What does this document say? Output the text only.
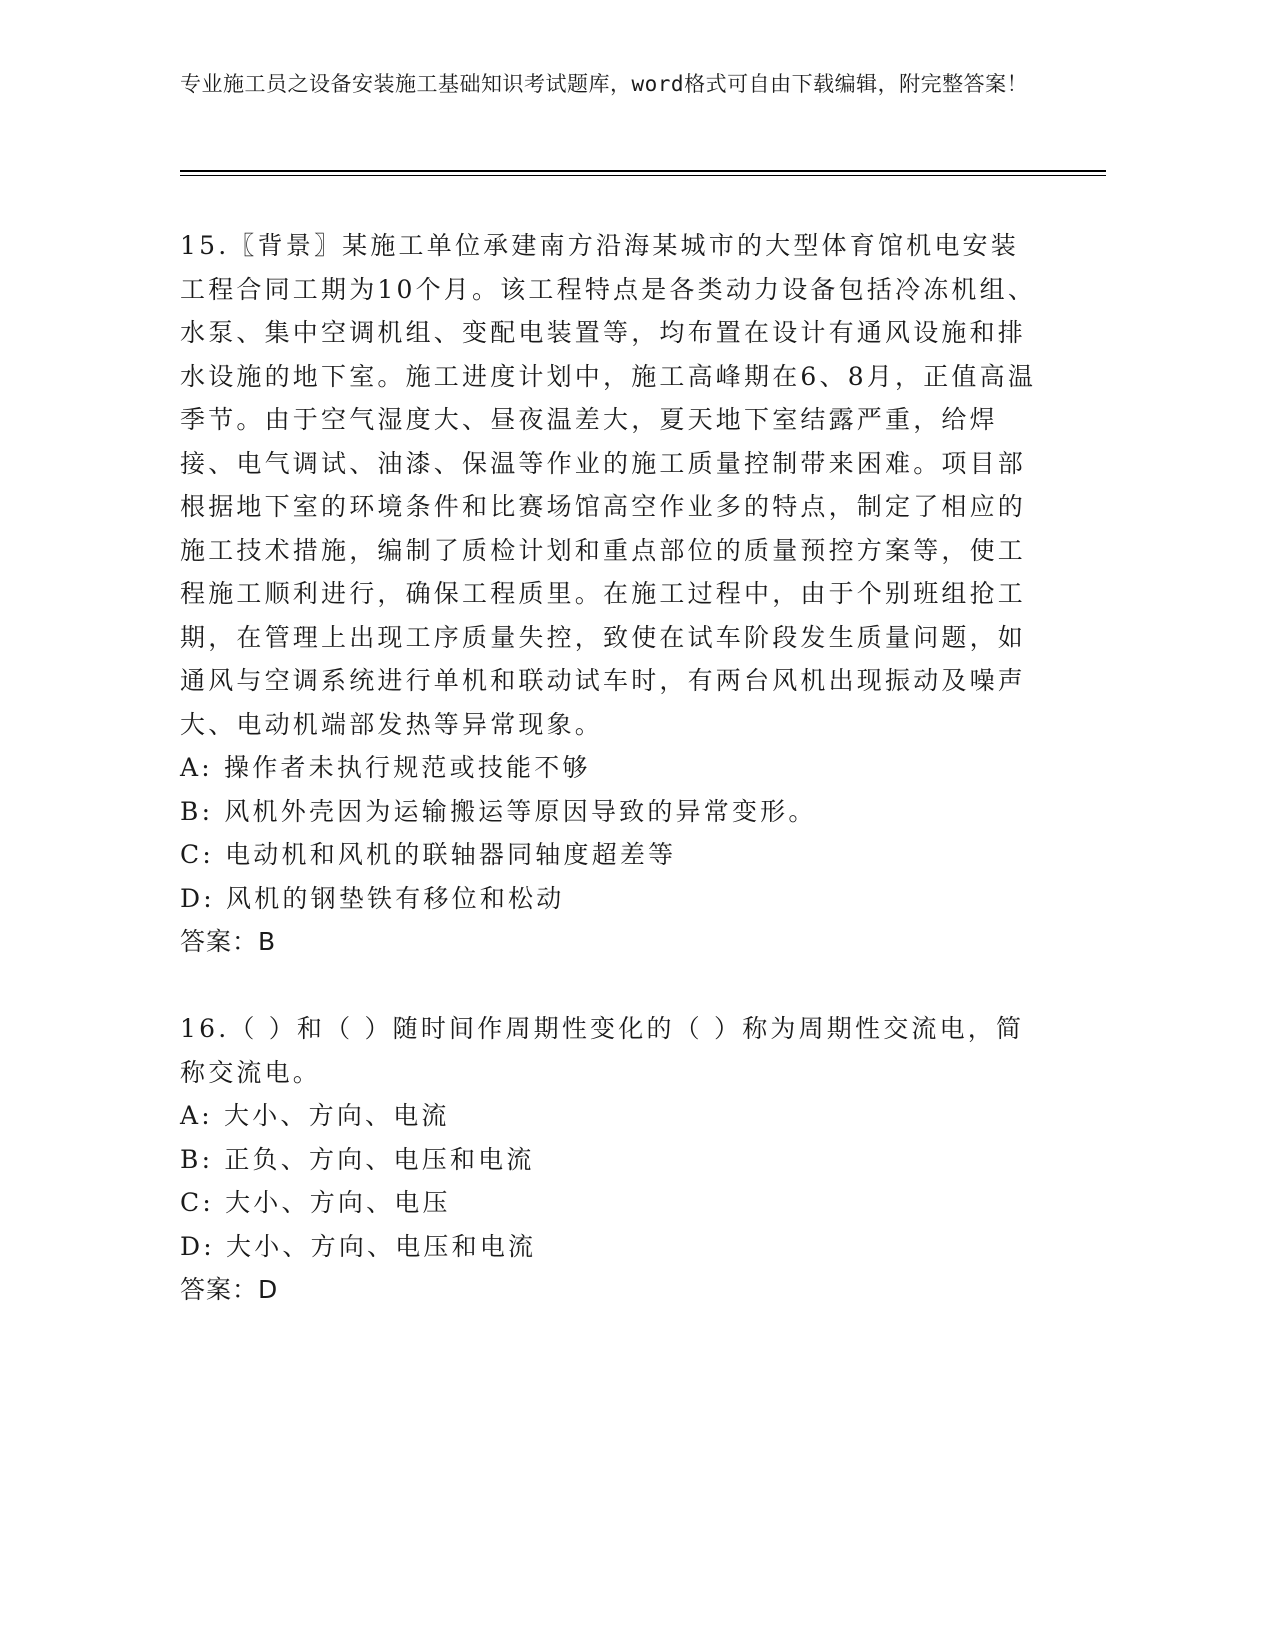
专业施工员之设备安装施工基础知识考试题库，word格式可自由下载编辑，附完整答案！

15.〖背景〗某施工单位承建南方沿海某城市的大型体育馆机电安装工程合同工期为10个月。该工程特点是各类动力设备包括冷冻机组、水泵、集中空调机组、变配电装置等，均布置在设计有通风设施和排水设施的地下室。施工进度计划中，施工高峰期在6、8月，正值高温季节。由于空气湿度大、昼夜温差大，夏天地下室结露严重，给焊接、电气调试、油漆、保温等作业的施工质量控制带来困难。项目部根据地下室的环境条件和比赛场馆高空作业多的特点，制定了相应的施工技术措施，编制了质检计划和重点部位的质量预控方案等，使工程施工顺利进行，确保工程质里。在施工过程中，由于个别班组抢工期，在管理上出现工序质量失控，致使在试车阶段发生质量问题，如通风与空调系统进行单机和联动试车时，有两台风机出现振动及噪声大、电动机端部发热等异常现象。

A: 操作者未执行规范或技能不够

B: 风机外壳因为运输搬运等原因导致的异常变形。

C: 电动机和风机的联轴器同轴度超差等

D: 风机的钢垫铁有移位和松动

答案：B

16.（ ）和（ ）随时间作周期性变化的（ ）称为周期性交流电，简称交流电。

A: 大小、方向、电流

B: 正负、方向、电压和电流

C: 大小、方向、电压

D: 大小、方向、电压和电流

答案：D
